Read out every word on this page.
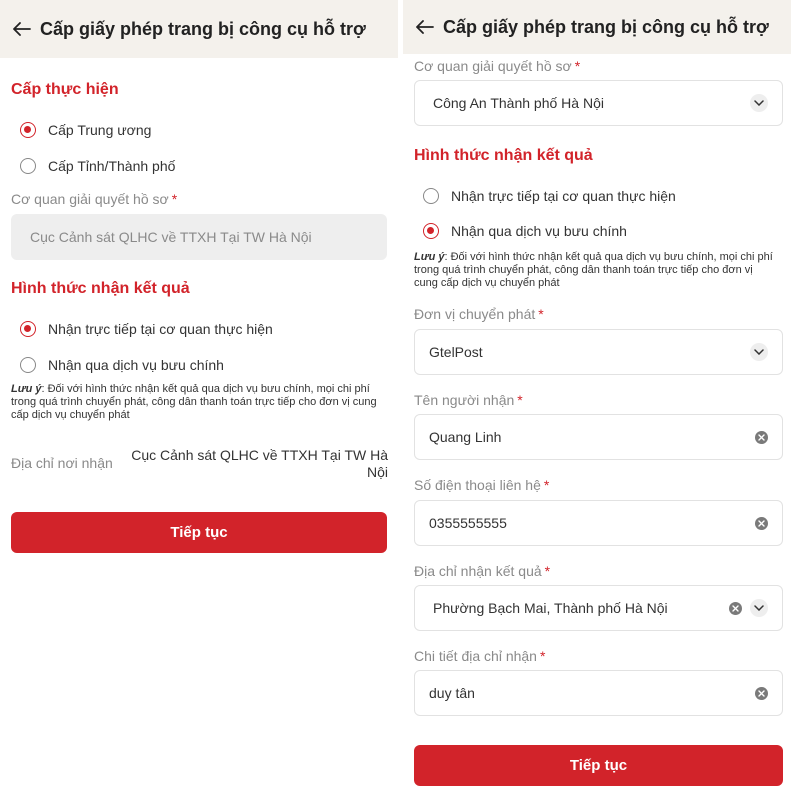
Cấp giấy phép trang bị công cụ hỗ trợ
Cấp thực hiện
Cấp Trung ương
Cấp Tỉnh/Thành phố
Cơ quan giải quyết hồ sơ *
Cục Cảnh sát QLHC về TTXH Tại TW Hà Nội
Hình thức nhận kết quả
Nhận trực tiếp tại cơ quan thực hiện
Nhận qua dịch vụ bưu chính
Lưu ý: Đối với hình thức nhận kết quả qua dịch vụ bưu chính, mọi chi phí trong quá trình chuyển phát, công dân thanh toán trực tiếp cho đơn vị cung cấp dịch vụ chuyển phát
Địa chỉ nơi nhận Cục Cảnh sát QLHC về TTXH Tại TW Hà
Nội
Tiếp tục
Cấp giấy phép trang bị công cụ hỗ trợ
Cơ quan giải quyết hồ sơ *
Công An Thành phố Hà Nội
Hình thức nhận kết quả
Nhận trực tiếp tại cơ quan thực hiện
Nhận qua dịch vụ bưu chính
Lưu ý: Đối với hình thức nhận kết quả qua dịch vụ bưu chính, mọi chi phí trong quá trình chuyển phát, công dân thanh toán trực tiếp cho đơn vị cung cấp dịch vụ chuyển phát
Đơn vị chuyển phát *
GtelPost
Tên người nhận *
Quang Linh
Số điện thoại liên hệ *
0355555555
Địa chỉ nhận kết quả *
Phường Bạch Mai, Thành phố Hà Nội
Chi tiết địa chỉ nhận *
duy tân
Tiếp tục
